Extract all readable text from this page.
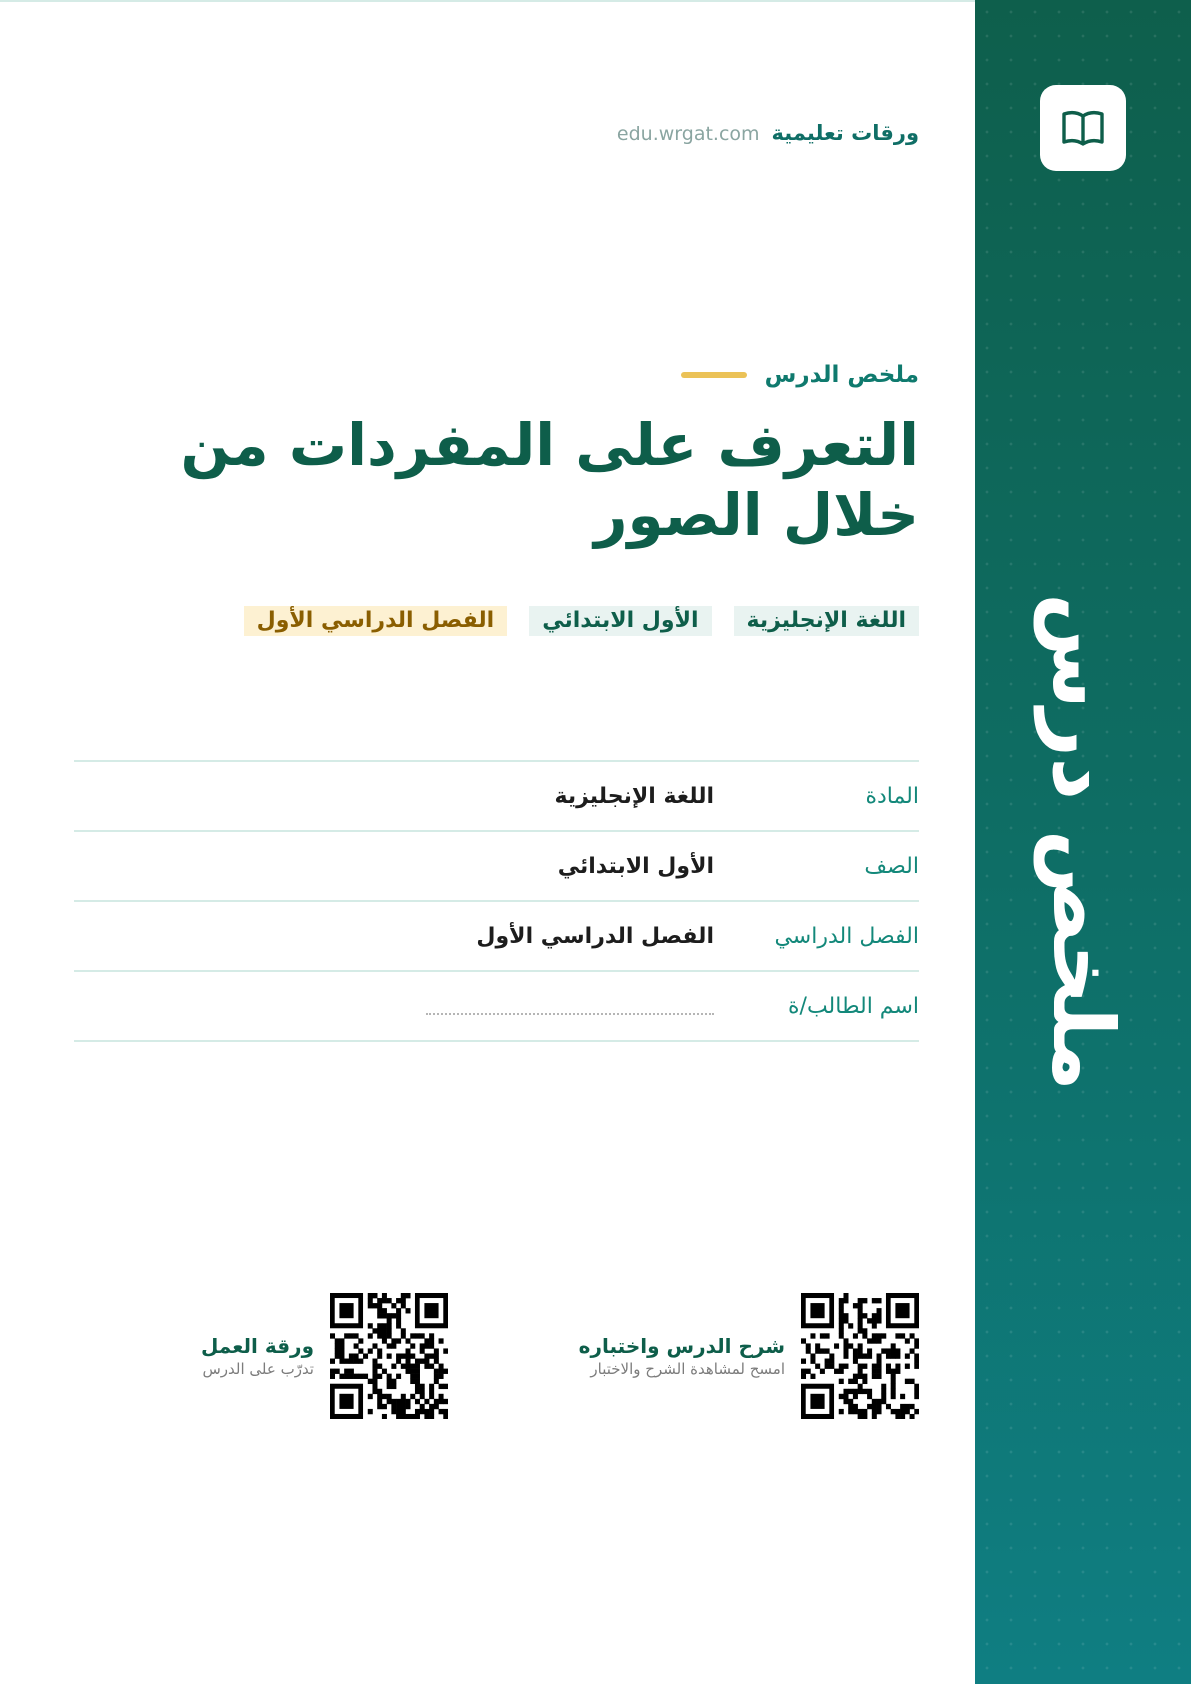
ملخص درس
ورقات تعليمية
edu.wrgat.com
ملخص الدرس
التعرف على المفردات من خلال الصور
اللغة الإنجليزية
الأول الابتدائي
الفصل الدراسي الأول
المادة
اللغة الإنجليزية
الصف
الأول الابتدائي
الفصل الدراسي
الفصل الدراسي الأول
اسم الطالب/ة
شرح الدرس واختباره
امسح لمشاهدة الشرح والاختبار
ورقة العمل
تدرّب على الدرس
